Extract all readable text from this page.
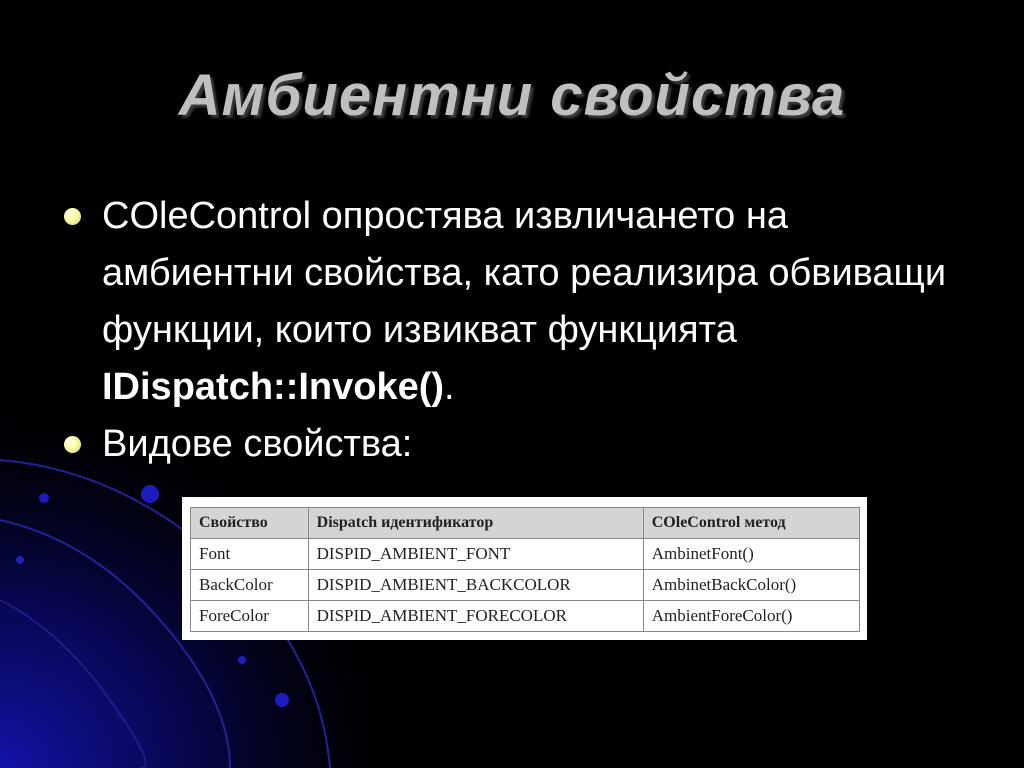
Амбиентни свойства
COleControl опростява извличането на амбиентни свойства, като реализира обвиващи функции, които извикват функцията IDispatch::Invoke().
Видове свойства:
Свойство	Dispatch идентификатор	COleControl метод
Font	DISPID_AMBIENT_FONT	AmbinetFont()
BackColor	DISPID_AMBIENT_BACKCOLOR	AmbinetBackColor()
ForeColor	DISPID_AMBIENT_FORECOLOR	AmbientForeColor()
